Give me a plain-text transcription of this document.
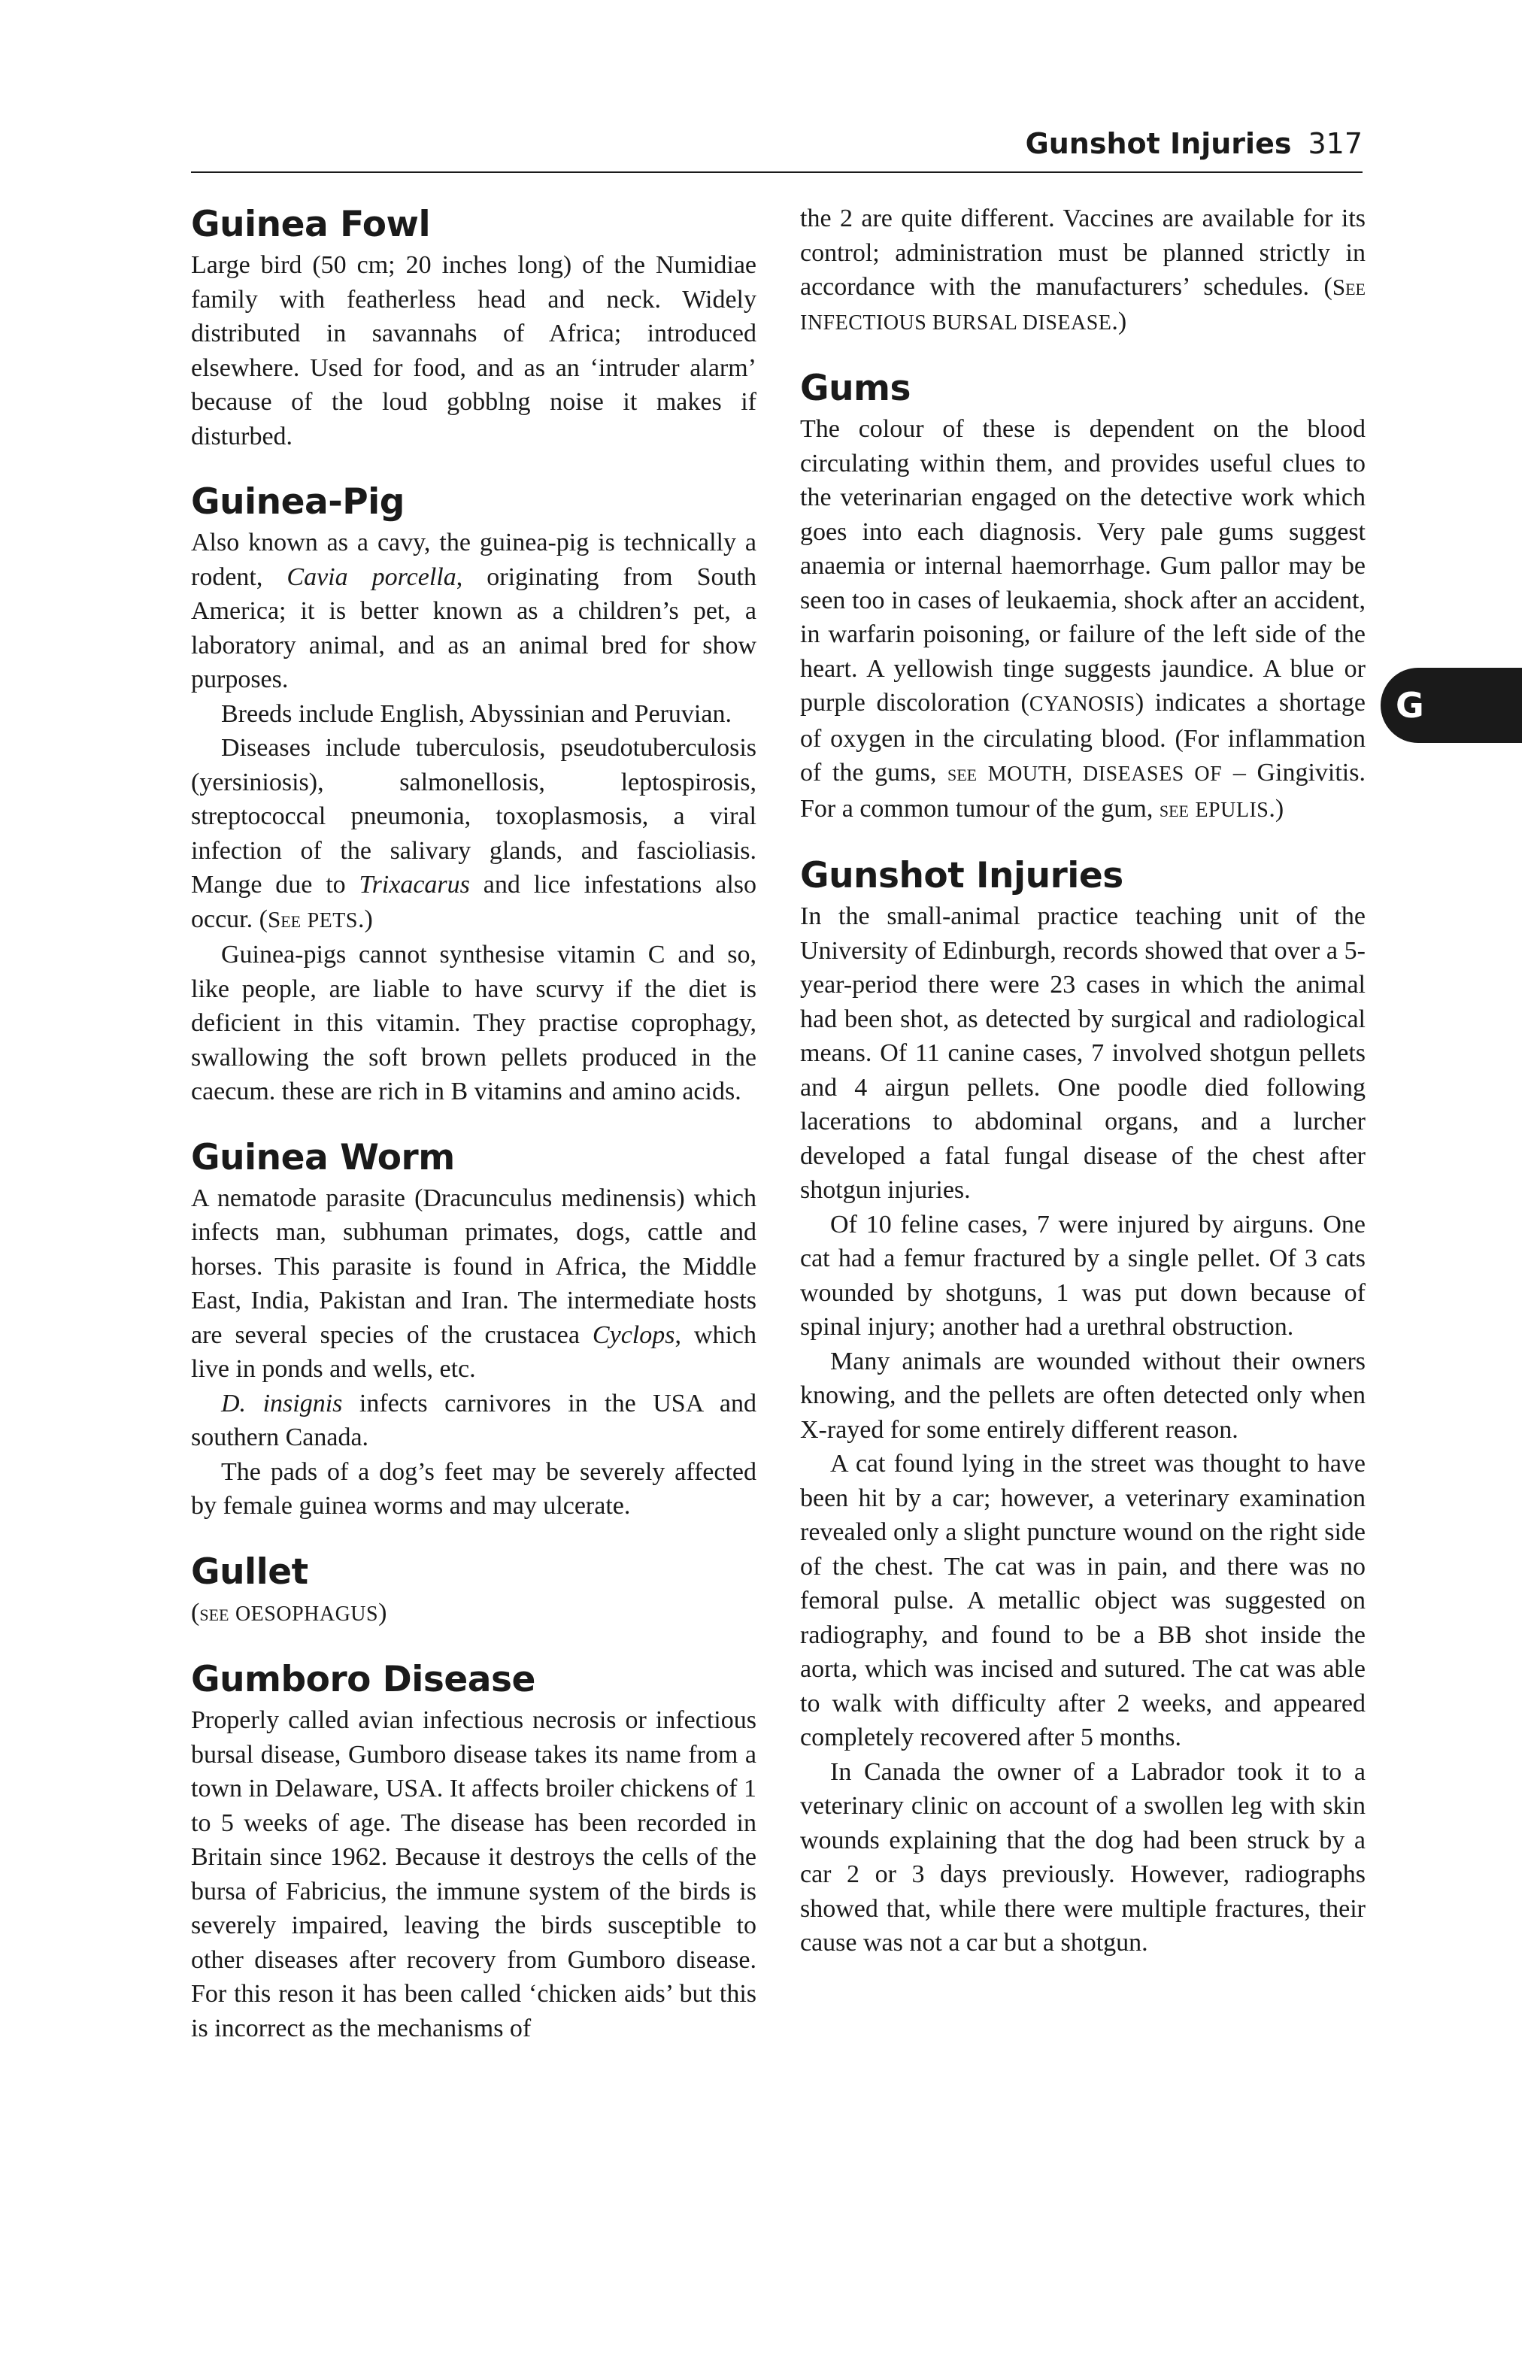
Gunshot Injuries 317
Guinea Fowl

Large bird (50 cm; 20 inches long) of the Numidiae family with featherless head and neck. Widely distributed in savannahs of Africa; introduced elsewhere. Used for food, and as an ‘intruder alarm’ because of the loud gobblng noise it makes if disturbed.

Guinea-Pig

Also known as a cavy, the guinea-pig is technically a rodent, Cavia porcella, originating from South America; it is better known as a children’s pet, a laboratory animal, and as an animal bred for show purposes.

Breeds include English, Abyssinian and Peruvian.

Diseases include tuberculosis, pseudotuberculosis (yersiniosis), salmonellosis, leptospirosis, streptococcal pneumonia, toxoplasmosis, a viral infection of the salivary glands, and fascioliasis. Mange due to Trixacarus and lice infestations also occur. (See PETS.)

Guinea-pigs cannot synthesise vitamin C and so, like people, are liable to have scurvy if the diet is deficient in this vitamin. They practise coprophagy, swallowing the soft brown pellets produced in the caecum. these are rich in B vitamins and amino acids.

Guinea Worm

A nematode parasite (Dracunculus medinensis) which infects man, subhuman primates, dogs, cattle and horses. This parasite is found in Africa, the Middle East, India, Pakistan and Iran. The intermediate hosts are several species of the crustacea Cyclops, which live in ponds and wells, etc.

D. insignis infects carnivores in the USA and southern Canada.

The pads of a dog’s feet may be severely affected by female guinea worms and may ulcerate.

Gullet

(see OESOPHAGUS)

Gumboro Disease

Properly called avian infectious necrosis or infectious bursal disease, Gumboro disease takes its name from a town in Delaware, USA. It affects broiler chickens of 1 to 5 weeks of age. The disease has been recorded in Britain since 1962. Because it destroys the cells of the bursa of Fabricius, the immune system of the birds is severely impaired, leaving the birds susceptible to other diseases after recovery from Gumboro disease. For this reson it has been called ‘chicken aids’ but this is incorrect as the mechanisms of

the 2 are quite different. Vaccines are available for its control; administration must be planned strictly in accordance with the manufacturers’ schedules. (See INFECTIOUS BURSAL DISEASE.)

Gums

The colour of these is dependent on the blood circulating within them, and provides useful clues to the veterinarian engaged on the detective work which goes into each diagnosis. Very pale gums suggest anaemia or internal haemorrhage. Gum pallor may be seen too in cases of leukaemia, shock after an accident, in warfarin poisoning, or failure of the left side of the heart. A yellowish tinge suggests jaundice. A blue or purple discoloration (CYANOSIS) indicates a shortage of oxygen in the circulating blood. (For inflammation of the gums, see MOUTH, DISEASES OF – Gingivitis. For a common tumour of the gum, see EPULIS.)

Gunshot Injuries

In the small-animal practice teaching unit of the University of Edinburgh, records showed that over a 5-year-period there were 23 cases in which the animal had been shot, as detected by surgical and radiological means. Of 11 canine cases, 7 involved shotgun pellets and 4 airgun pellets. One poodle died following lacerations to abdominal organs, and a lurcher developed a fatal fungal disease of the chest after shotgun injuries.

Of 10 feline cases, 7 were injured by airguns. One cat had a femur fractured by a single pellet. Of 3 cats wounded by shotguns, 1 was put down because of spinal injury; another had a urethral obstruction.

Many animals are wounded without their owners knowing, and the pellets are often detected only when X-rayed for some entirely different reason.

A cat found lying in the street was thought to have been hit by a car; however, a veterinary examination revealed only a slight puncture wound on the right side of the chest. The cat was in pain, and there was no femoral pulse. A metallic object was suggested on radiography, and found to be a BB shot inside the aorta, which was incised and sutured. The cat was able to walk with difficulty after 2 weeks, and appeared completely recovered after 5 months.

In Canada the owner of a Labrador took it to a veterinary clinic on account of a swollen leg with skin wounds explaining that the dog had been struck by a car 2 or 3 days previously. However, radiographs showed that, while there were multiple fractures, their cause was not a car but a shotgun.

G
